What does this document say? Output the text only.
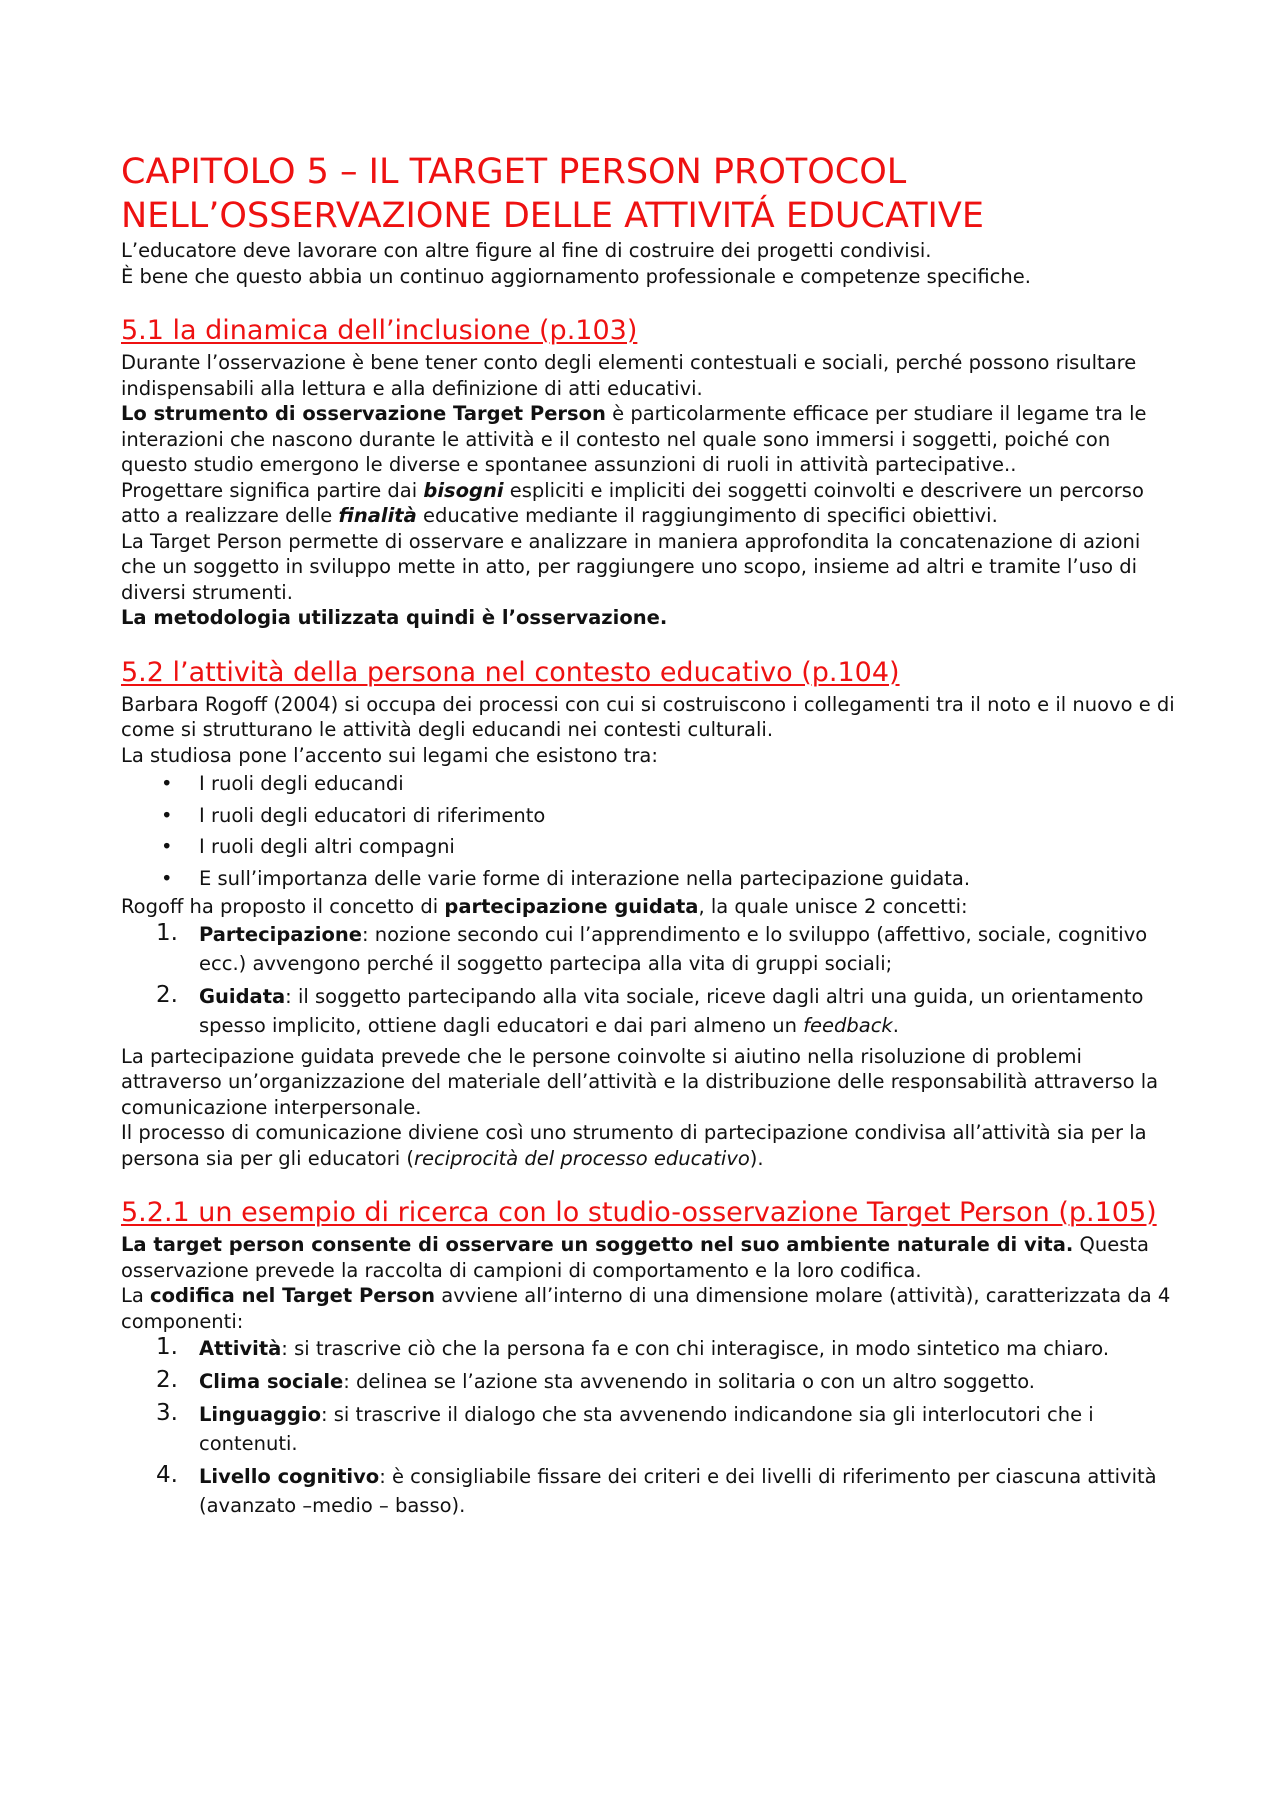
CAPITOLO 5 – IL TARGET PERSON PROTOCOL
NELL’OSSERVAZIONE DELLE ATTIVITÁ EDUCATIVE

L’educatore deve lavorare con altre figure al fine di costruire dei progetti condivisi.

È bene che questo abbia un continuo aggiornamento professionale e competenze specifiche.

5.1 la dinamica dell’inclusione (p.103)

Durante l’osservazione è bene tener conto degli elementi contestuali e sociali, perché possono risultare indispensabili alla lettura e alla definizione di atti educativi.

Lo strumento di osservazione Target Person è particolarmente efficace per studiare il legame tra le interazioni che nascono durante le attività e il contesto nel quale sono immersi i soggetti, poiché con questo studio emergono le diverse e spontanee assunzioni di ruoli in attività partecipative..

Progettare significa partire dai bisogni espliciti e impliciti dei soggetti coinvolti e descrivere un percorso atto a realizzare delle finalità educative mediante il raggiungimento di specifici obiettivi.

La Target Person permette di osservare e analizzare in maniera approfondita la concatenazione di azioni che un soggetto in sviluppo mette in atto, per raggiungere uno scopo, insieme ad altri e tramite l’uso di diversi strumenti.

La metodologia utilizzata quindi è l’osservazione.

5.2 l’attività della persona nel contesto educativo (p.104)

Barbara Rogoff (2004) si occupa dei processi con cui si costruiscono i collegamenti tra il noto e il nuovo e di come si strutturano le attività degli educandi nei contesti culturali.

La studiosa pone l’accento sui legami che esistono tra:

• I ruoli degli educandi
• I ruoli degli educatori di riferimento
• I ruoli degli altri compagni
• E sull’importanza delle varie forme di interazione nella partecipazione guidata.

Rogoff ha proposto il concetto di partecipazione guidata, la quale unisce 2 concetti:

1. Partecipazione: nozione secondo cui l’apprendimento e lo sviluppo (affettivo, sociale, cognitivo ecc.) avvengono perché il soggetto partecipa alla vita di gruppi sociali;
2. Guidata: il soggetto partecipando alla vita sociale, riceve dagli altri una guida, un orientamento spesso implicito, ottiene dagli educatori e dai pari almeno un feedback.

La partecipazione guidata prevede che le persone coinvolte si aiutino nella risoluzione di problemi attraverso un’organizzazione del materiale dell’attività e la distribuzione delle responsabilità attraverso la comunicazione interpersonale.

Il processo di comunicazione diviene così uno strumento di partecipazione condivisa all’attività sia per la persona sia per gli educatori (reciprocità del processo educativo).

5.2.1 un esempio di ricerca con lo studio-osservazione Target Person (p.105)

La target person consente di osservare un soggetto nel suo ambiente naturale di vita. Questa osservazione prevede la raccolta di campioni di comportamento e la loro codifica.

La codifica nel Target Person avviene all’interno di una dimensione molare (attività), caratterizzata da 4 componenti:

1. Attività: si trascrive ciò che la persona fa e con chi interagisce, in modo sintetico ma chiaro.
2. Clima sociale: delinea se l’azione sta avvenendo in solitaria o con un altro soggetto.
3. Linguaggio: si trascrive il dialogo che sta avvenendo indicandone sia gli interlocutori che i contenuti.
4. Livello cognitivo: è consigliabile fissare dei criteri e dei livelli di riferimento per ciascuna attività (avanzato –medio – basso).
